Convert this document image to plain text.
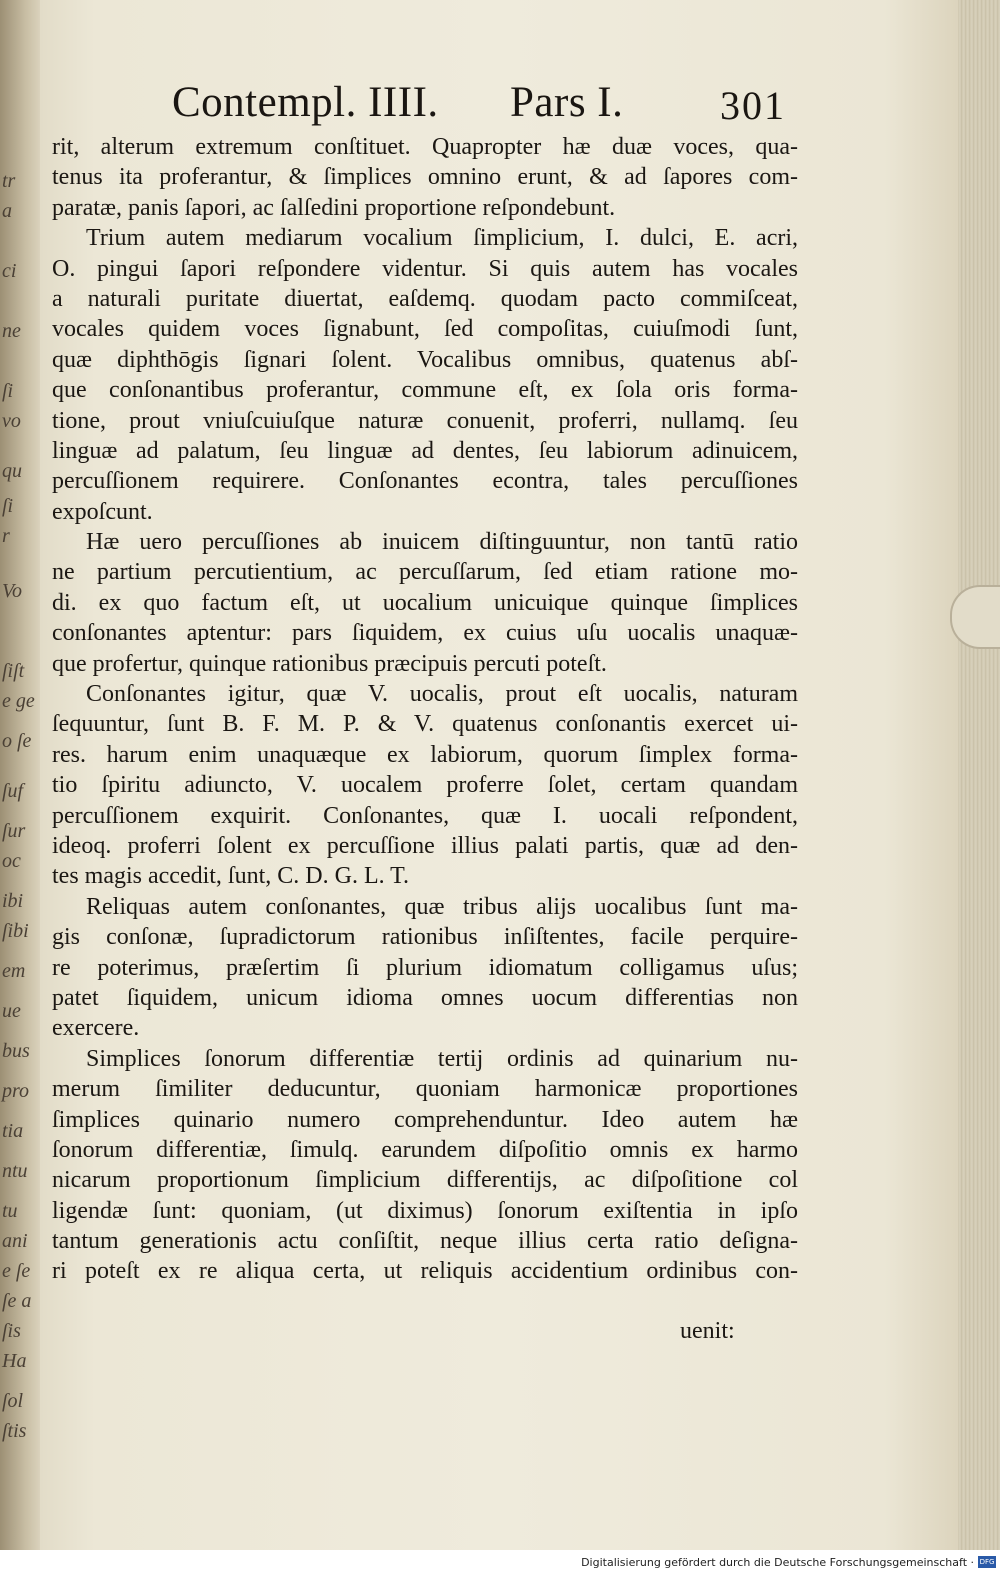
tr
a
ci
ne
ſi
vo
qu
ſi
r
Vo
ſiſt
e ge
o ſe
ſuf
ſur
oc
ibi
ſibi
em
ue
bus
pro
tia
ntu
tu
ani
e ſe
ſe a
ſis
Ha
ſol
ſtis
Contempl. IIII. Pars I. 301
rit, alterum extremum conſtituet. Quapropter hæ duæ voces, qua-
tenus ita proferantur, & ſimplices omnino erunt, & ad ſapores com-
paratæ, panis ſapori, ac ſalſedini proportione reſpondebunt.
Trium autem mediarum vocalium ſimplicium, I. dulci, E. acri,
O. pingui ſapori reſpondere videntur. Si quis autem has vocales
a naturali puritate diuertat, eaſdemq. quodam pacto commiſceat,
vocales quidem voces ſignabunt, ſed compoſitas, cuiuſmodi ſunt,
quæ diphthōgis ſignari ſolent. Vocalibus omnibus, quatenus abſ-
que conſonantibus proferantur, commune eſt, ex ſola oris forma-
tione, prout vniuſcuiuſque naturæ conuenit, proferri, nullamq. ſeu
linguæ ad palatum, ſeu linguæ ad dentes, ſeu labiorum adinuicem,
percuſſionem requirere. Conſonantes econtra, tales percuſſiones
expoſcunt.
Hæ uero percuſſiones ab inuicem diſtinguuntur, non tantū ratio
ne partium percutientium, ac percuſſarum, ſed etiam ratione mo-
di. ex quo factum eſt, ut uocalium unicuique quinque ſimplices
conſonantes aptentur: pars ſiquidem, ex cuius uſu uocalis unaquæ-
que profertur, quinque rationibus præcipuis percuti poteſt.
Conſonantes igitur, quæ V. uocalis, prout eſt uocalis, naturam
ſequuntur, ſunt B. F. M. P. & V. quatenus conſonantis exercet ui-
res. harum enim unaquæque ex labiorum, quorum ſimplex forma-
tio ſpiritu adiuncto, V. uocalem proferre ſolet, certam quandam
percuſſionem exquirit. Conſonantes, quæ I. uocali reſpondent,
ideoq. proferri ſolent ex percuſſione illius palati partis, quæ ad den-
tes magis accedit, ſunt, C. D. G. L. T.
Reliquas autem conſonantes, quæ tribus alijs uocalibus ſunt ma-
gis conſonæ, ſupradictorum rationibus inſiſtentes, facile perquire-
re poterimus, præſertim ſi plurium idiomatum colligamus uſus;
patet ſiquidem, unicum idioma omnes uocum differentias non
exercere.
Simplices ſonorum differentiæ tertij ordinis ad quinarium nu-
merum ſimiliter deducuntur, quoniam harmonicæ proportiones
ſimplices quinario numero comprehenduntur. Ideo autem hæ
ſonorum differentiæ, ſimulq. earundem diſpoſitio omnis ex harmo
nicarum proportionum ſimplicium differentijs, ac diſpoſitione col
ligendæ ſunt: quoniam, (ut diximus) ſonorum exiſtentia in ipſo
tantum generationis actu conſiſtit, neque illius certa ratio deſigna-
ri poteſt ex re aliqua certa, ut reliquis accidentium ordinibus con-
uenit:
Digitalisierung gefördert durch die Deutsche Forschungsgemeinschaft · DFG
